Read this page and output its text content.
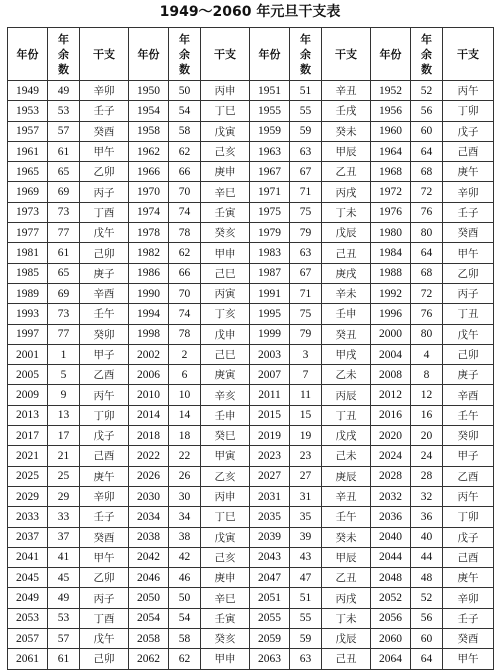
1949～2060 年元旦干支表
年份	年
余
数	干支	年份	年
余
数	干支	年份	年
余
数	干支	年份	年
余
数	干支
1949	49	辛卯	1950	50	丙申	1951	51	辛丑	1952	52	丙午
1953	53	壬子	1954	54	丁巳	1955	55	壬戌	1956	56	丁卯
1957	57	癸酉	1958	58	戊寅	1959	59	癸未	1960	60	戊子
1961	61	甲午	1962	62	己亥	1963	63	甲辰	1964	64	己酉
1965	65	乙卯	1966	66	庚申	1967	67	乙丑	1968	68	庚午
1969	69	丙子	1970	70	辛巳	1971	71	丙戌	1972	72	辛卯
1973	73	丁酉	1974	74	壬寅	1975	75	丁未	1976	76	壬子
1977	77	戊午	1978	78	癸亥	1979	79	戊辰	1980	80	癸酉
1981	61	己卯	1982	62	甲申	1983	63	己丑	1984	64	甲午
1985	65	庚子	1986	66	己巳	1987	67	庚戌	1988	68	乙卯
1989	69	辛酉	1990	70	丙寅	1991	71	辛未	1992	72	丙子
1993	73	壬午	1994	74	丁亥	1995	75	壬申	1996	76	丁丑
1997	77	癸卯	1998	78	戊申	1999	79	癸丑	2000	80	戊午
2001	1	甲子	2002	2	己巳	2003	3	甲戌	2004	4	己卯
2005	5	乙酉	2006	6	庚寅	2007	7	乙未	2008	8	庚子
2009	9	丙午	2010	10	辛亥	2011	11	丙辰	2012	12	辛酉
2013	13	丁卯	2014	14	壬申	2015	15	丁丑	2016	16	壬午
2017	17	戊子	2018	18	癸巳	2019	19	戊戌	2020	20	癸卯
2021	21	己酉	2022	22	甲寅	2023	23	己未	2024	24	甲子
2025	25	庚午	2026	26	乙亥	2027	27	庚辰	2028	28	乙酉
2029	29	辛卯	2030	30	丙申	2031	31	辛丑	2032	32	丙午
2033	33	壬子	2034	34	丁巳	2035	35	壬午	2036	36	丁卯
2037	37	癸酉	2038	38	戊寅	2039	39	癸未	2040	40	戊子
2041	41	甲午	2042	42	己亥	2043	43	甲辰	2044	44	己酉
2045	45	乙卯	2046	46	庚申	2047	47	乙丑	2048	48	庚午
2049	49	丙子	2050	50	辛巳	2051	51	丙戌	2052	52	辛卯
2053	53	丁酉	2054	54	壬寅	2055	55	丁未	2056	56	壬子
2057	57	戊午	2058	58	癸亥	2059	59	戊辰	2060	60	癸酉
2061	61	己卯	2062	62	甲申	2063	63	己丑	2064	64	甲午
